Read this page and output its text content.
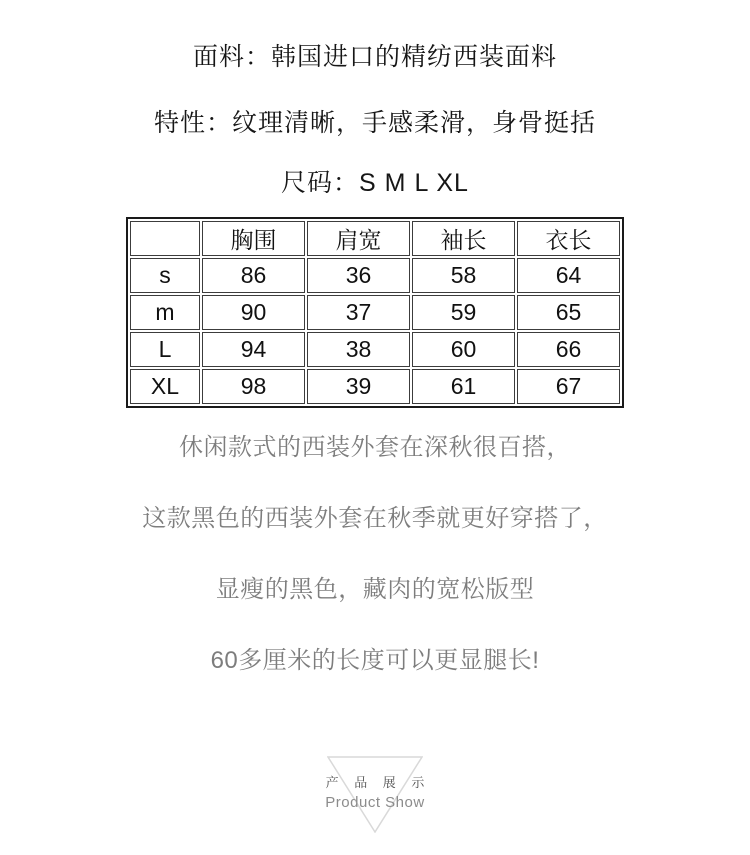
面料：韩国进口的精纺西装面料
特性：纹理清晰，手感柔滑，身骨挺括
尺码：S M L XL
	胸围	肩宽	袖长	衣长
s	86	36	58	64
m	90	37	59	65
L	94	38	60	66
XL	98	39	61	67
休闲款式的西装外套在深秋很百搭，
这款黑色的西装外套在秋季就更好穿搭了，
显瘦的黑色，藏肉的宽松版型
60多厘米的长度可以更显腿长!
产 品 展 示
Product Show
